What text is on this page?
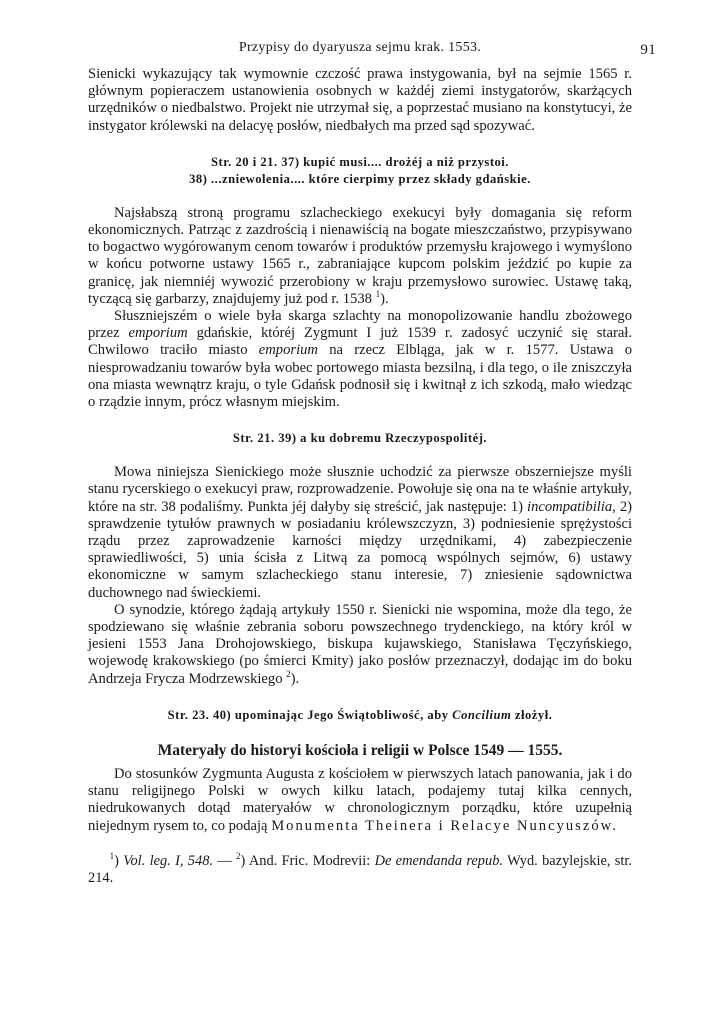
Przypisy do dyaryusza sejmu krak. 1553.	91

Sienicki wykazujący tak wymownie czczość prawa instygowania, był na sejmie 1565 r. głównym popieraczem ustanowienia osobnych w każdéj ziemi instygatorów, skarżących urzędników o niedbalstwo. Projekt nie utrzymał się, a poprzestać musiano na konstytucyi, że instygator królewski na delacyę posłów, niedbałych ma przed sąd spozywać.

Str. 20 i 21. 37) kupić musi.... drożéj a niż przystoi.

38) ...zniewolenia.... które cierpimy przez składy gdańskie.

Najsłabszą stroną programu szlacheckiego exekucyi były domagania się reform ekonomicznych. Patrząc z zazdrością i nienawiścią na bogate mieszczaństwo, przypisywano to bogactwo wygórowanym cenom towarów i produktów przemysłu krajowego i wymyślono w końcu potworne ustawy 1565 r., zabraniające kupcom polskim jeździć po kupie za granicę, jak niemniéj wywozić przerobiony w kraju przemysłowo surowiec. Ustawę taką, tyczącą się garbarzy, znajdujemy już pod r. 1538 $^1$).

Słuszniejszém o wiele była skarga szlachty na monopolizowanie handlu zbożowego przez emporium gdańskie, któréj Zygmunt I już 1539 r. zadosyć uczynić się starał. Chwilowo traciło miasto emporium na rzecz Elbląga, jak w r. 1577. Ustawa o niesprowadzaniu towarów była wobec portowego miasta bezsilną, i dla tego, o ile zniszczyła ona miasta wewnątrz kraju, o tyle Gdańsk podnosił się i kwitnął z ich szkodą, mało wiedząc o rządzie innym, prócz własnym miejskim.

Str. 21. 39) a ku dobremu Rzeczypospolitéj.

Mowa niniejsza Sienickiego może słusznie uchodzić za pierwsze obszerniejsze myśli stanu rycerskiego o exekucyi praw, rozprowadzenie. Powołuje się ona na te właśnie artykuły, które na str. 38 podaliśmy. Punkta jéj dałyby się streścić, jak następuje: 1) incompatibilia, 2) sprawdzenie tytułów prawnych w posiadaniu królewszczyzn, 3) podniesienie sprężystości rządu przez zaprowadzenie karności między urzędnikami, 4) zabezpieczenie sprawiedliwości, 5) unia ścisła z Litwą za pomocą wspólnych sejmów, 6) ustawy ekonomiczne w samym szlacheckiego stanu interesie, 7) zniesienie sądownictwa duchownego nad świeckiemi.

O synodzie, którego żądają artykuły 1550 r. Sienicki nie wspomina, może dla tego, że spodziewano się właśnie zebrania soboru powszechnego trydenckiego, na który król w jesieni 1553 Jana Drohojowskiego, biskupa kujawskiego, Stanisława Tęczyńskiego, wojewodę krakowskiego (po śmierci Kmity) jako posłów przeznaczył, dodając im do boku Andrzeja Frycza Modrzewskiego $^2$).

Str. 23. 40) upominając Jego Świątobliwość, aby Concilium złożył.

Materyały do historyi kościoła i religii w Polsce 1549 — 1555.

Do stosunków Zygmunta Augusta z kościołem w pierwszych latach panowania, jak i do stanu religijnego Polski w owych kilku latach, podajemy tutaj kilka cennych, niedrukowanych dotąd materyałów w chronologicznym porządku, które uzupełnią niejednym rysem to, co podają Monumenta Theinera i Relacye Nuncyuszów.

$^1$) Vol. leg. I, 548. — $^2$) And. Fric. Modrevii: De emendanda repub. Wyd. bazylejskie, str. 214.
